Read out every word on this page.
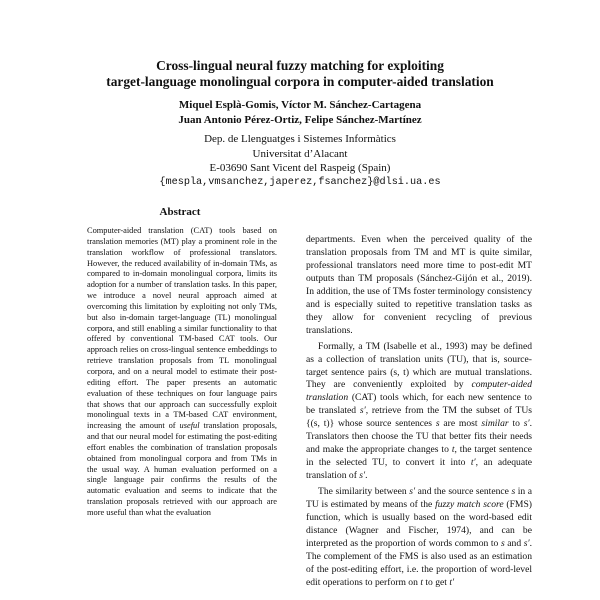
Cross-lingual neural fuzzy matching for exploiting
target-language monolingual corpora in computer-aided translation
Miquel Esplà-Gomis, Víctor M. Sánchez-Cartagena
Juan Antonio Pérez-Ortiz, Felipe Sánchez-Martínez
Dep. de Llenguatges i Sistemes Informàtics
Universitat d’Alacant
E-03690 Sant Vicent del Raspeig (Spain)
{mespla,vmsanchez,japerez,fsanchez}@dlsi.ua.es
Abstract
Computer-aided translation (CAT) tools based on translation memories (MT) play a prominent role in the translation workflow of professional translators. However, the reduced availability of in-domain TMs, as compared to in-domain monolingual corpora, limits its adoption for a number of translation tasks. In this paper, we introduce a novel neural approach aimed at overcoming this limitation by exploiting not only TMs, but also in-domain target-language (TL) monolingual corpora, and still enabling a similar functionality to that offered by conventional TM-based CAT tools. Our approach relies on cross-lingual sentence embeddings to retrieve translation proposals from TL monolingual corpora, and on a neural model to estimate their post-editing effort. The paper presents an automatic evaluation of these techniques on four language pairs that shows that our approach can successfully exploit monolingual texts in a TM-based CAT environment, increasing the amount of useful translation proposals, and that our neural model for estimating the post-editing effort enables the combination of translation proposals obtained from monolingual corpora and from TMs in the usual way. A human evaluation performed on a single language pair confirms the results of the automatic evaluation and seems to indicate that the translation proposals retrieved with our approach are more useful than what the evaluation

departments. Even when the perceived quality of the translation proposals from TM and MT is quite similar, professional translators need more time to post-edit MT outputs than TM proposals (Sánchez-Gijón et al., 2019). In addition, the use of TMs foster terminology consistency and is especially suited to repetitive translation tasks as they allow for convenient recycling of previous translations.

Formally, a TM (Isabelle et al., 1993) may be defined as a collection of translation units (TU), that is, source-target sentence pairs (s, t) which are mutual translations. They are conveniently exploited by computer-aided translation (CAT) tools which, for each new sentence to be translated s′, retrieve from the TM the subset of TUs {(s, t)} whose source sentences s are most similar to s′. Translators then choose the TU that better fits their needs and make the appropriate changes to t, the target sentence in the selected TU, to convert it into t′, an adequate translation of s′.

The similarity between s′ and the source sentence s in a TU is estimated by means of the fuzzy match score (FMS) function, which is usually based on the word-based edit distance (Wagner and Fischer, 1974), and can be interpreted as the proportion of words common to s and s′. The complement of the FMS is also used as an estimation of the post-editing effort, i.e. the proportion of word-level edit operations to perform on t to get t′
